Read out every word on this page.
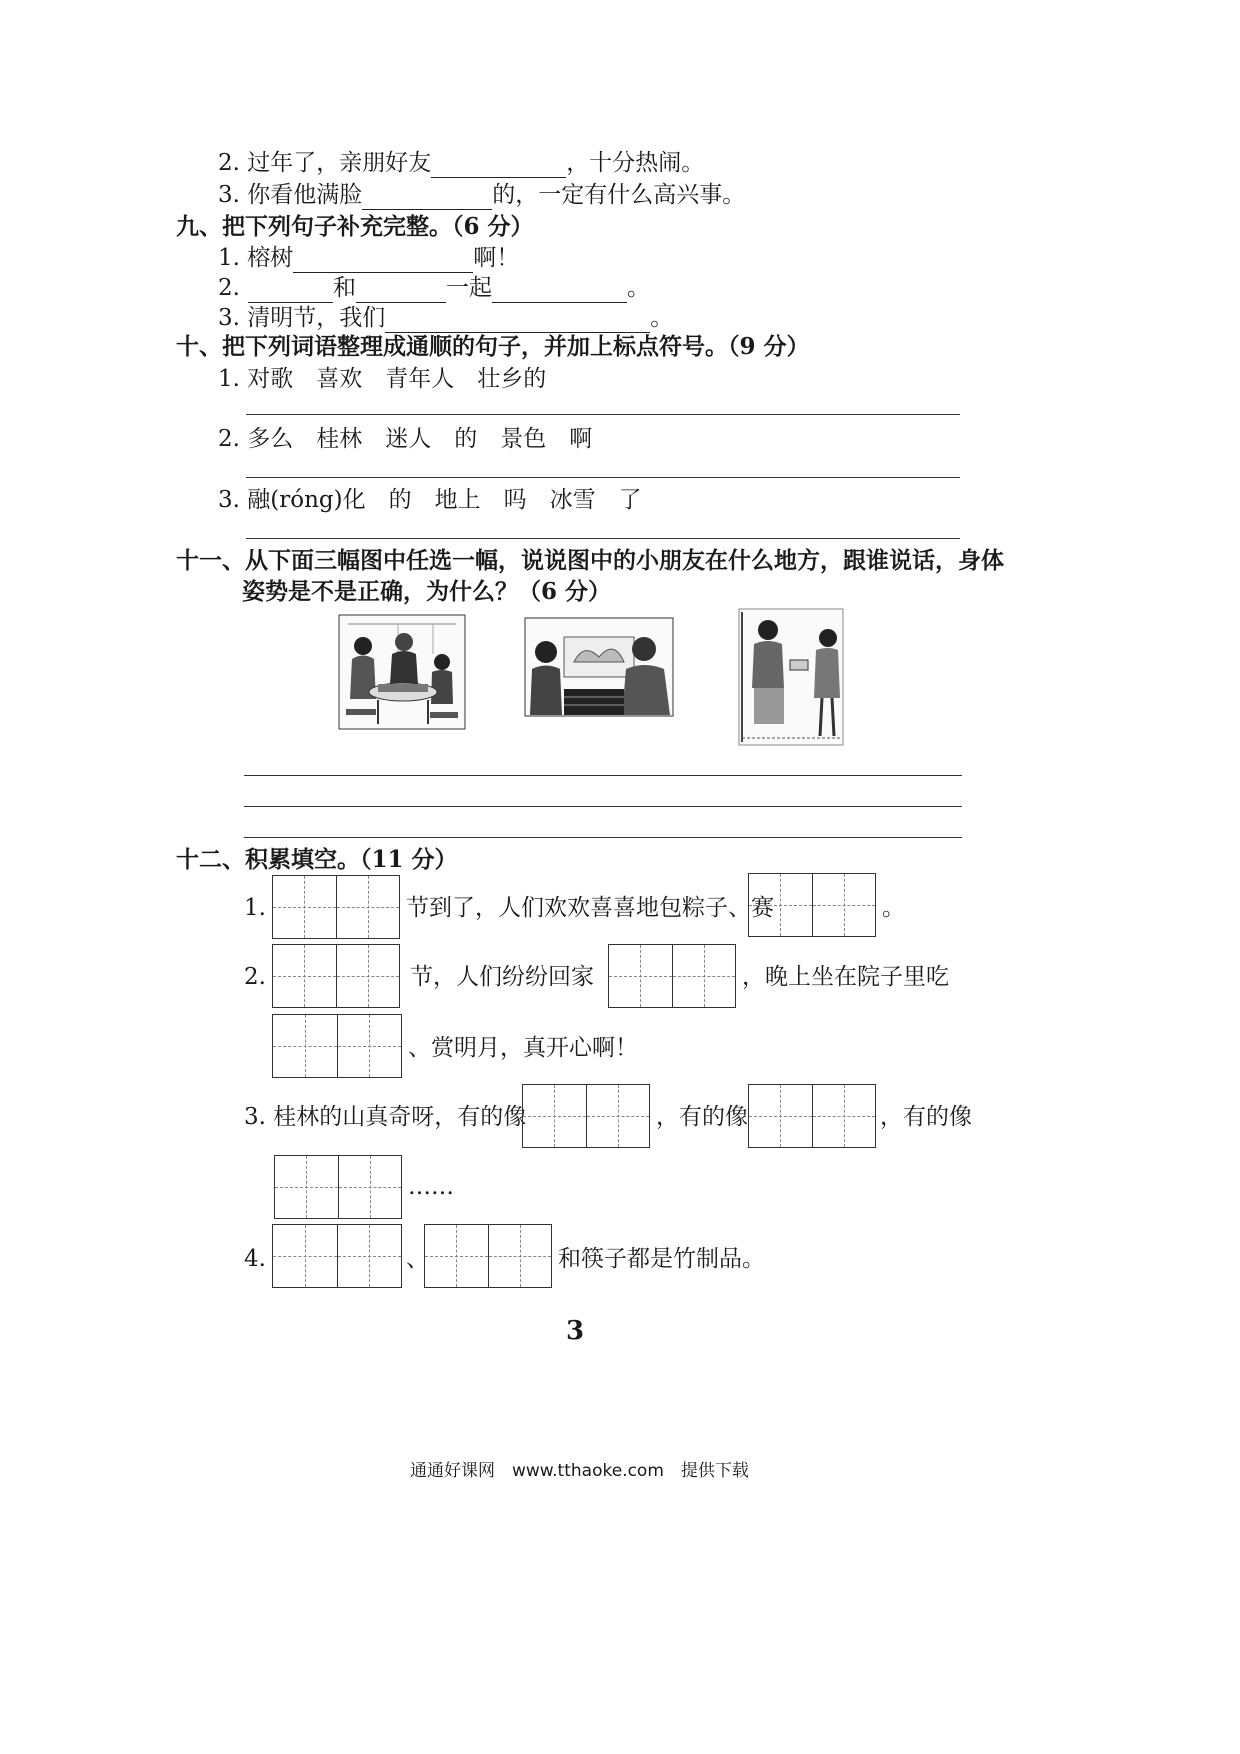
2. 过年了，亲朋好友	，十分热闹。
3. 你看他满脸	的，一定有什么高兴事。
九、把下列句子补充完整。（6 分）
1. 榕树	啊！
2.	和	一起	。
3. 清明节，我们	。
十、把下列词语整理成通顺的句子，并加上标点符号。（9 分）
1. 对歌　喜欢　青年人　壮乡的
2. 多么　桂林　迷人　的　景色　啊
3. 融(róng)化　的　地上　吗　冰雪　了
十一、从下面三幅图中任选一幅，说说图中的小朋友在什么地方，跟谁说话，身体
姿势是不是正确，为什么？（6 分）
十二、积累填空。（11 分）
1.	节到了，人们欢欢喜喜地包粽子、赛	。
2.	节，人们纷纷回家	，晚上坐在院子里吃
、赏明月，真开心啊！
3. 桂林的山真奇呀，有的像	，有的像	，有的像
……
4.	、	和筷子都是竹制品。
3
通通好课网　www.tthaoke.com　提供下载
